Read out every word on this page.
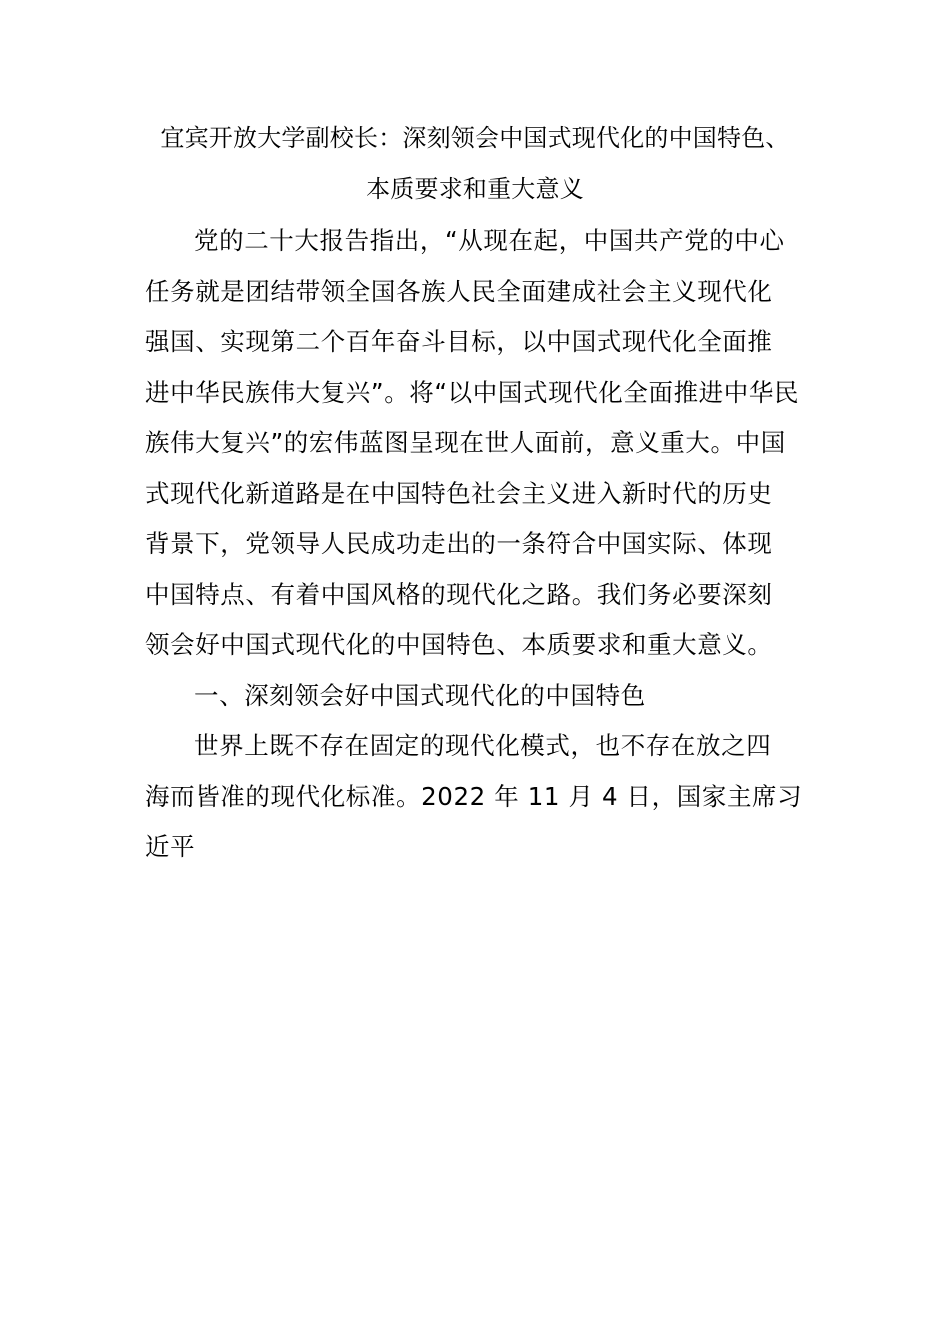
宜宾开放大学副校长：深刻领会中国式现代化的中国特色、
本质要求和重大意义
党的二十大报告指出，“从现在起，中国共产党的中心
任务就是团结带领全国各族人民全面建成社会主义现代化
强国、实现第二个百年奋斗目标，以中国式现代化全面推
进中华民族伟大复兴”。将“以中国式现代化全面推进中华民
族伟大复兴”的宏伟蓝图呈现在世人面前，意义重大。中国
式现代化新道路是在中国特色社会主义进入新时代的历史
背景下，党领导人民成功走出的一条符合中国实际、体现
中国特点、有着中国风格的现代化之路。我们务必要深刻
领会好中国式现代化的中国特色、本质要求和重大意义。
一、深刻领会好中国式现代化的中国特色
世界上既不存在固定的现代化模式，也不存在放之四
海而皆准的现代化标准。2022 年 11 月 4 日，国家主席习
近平
